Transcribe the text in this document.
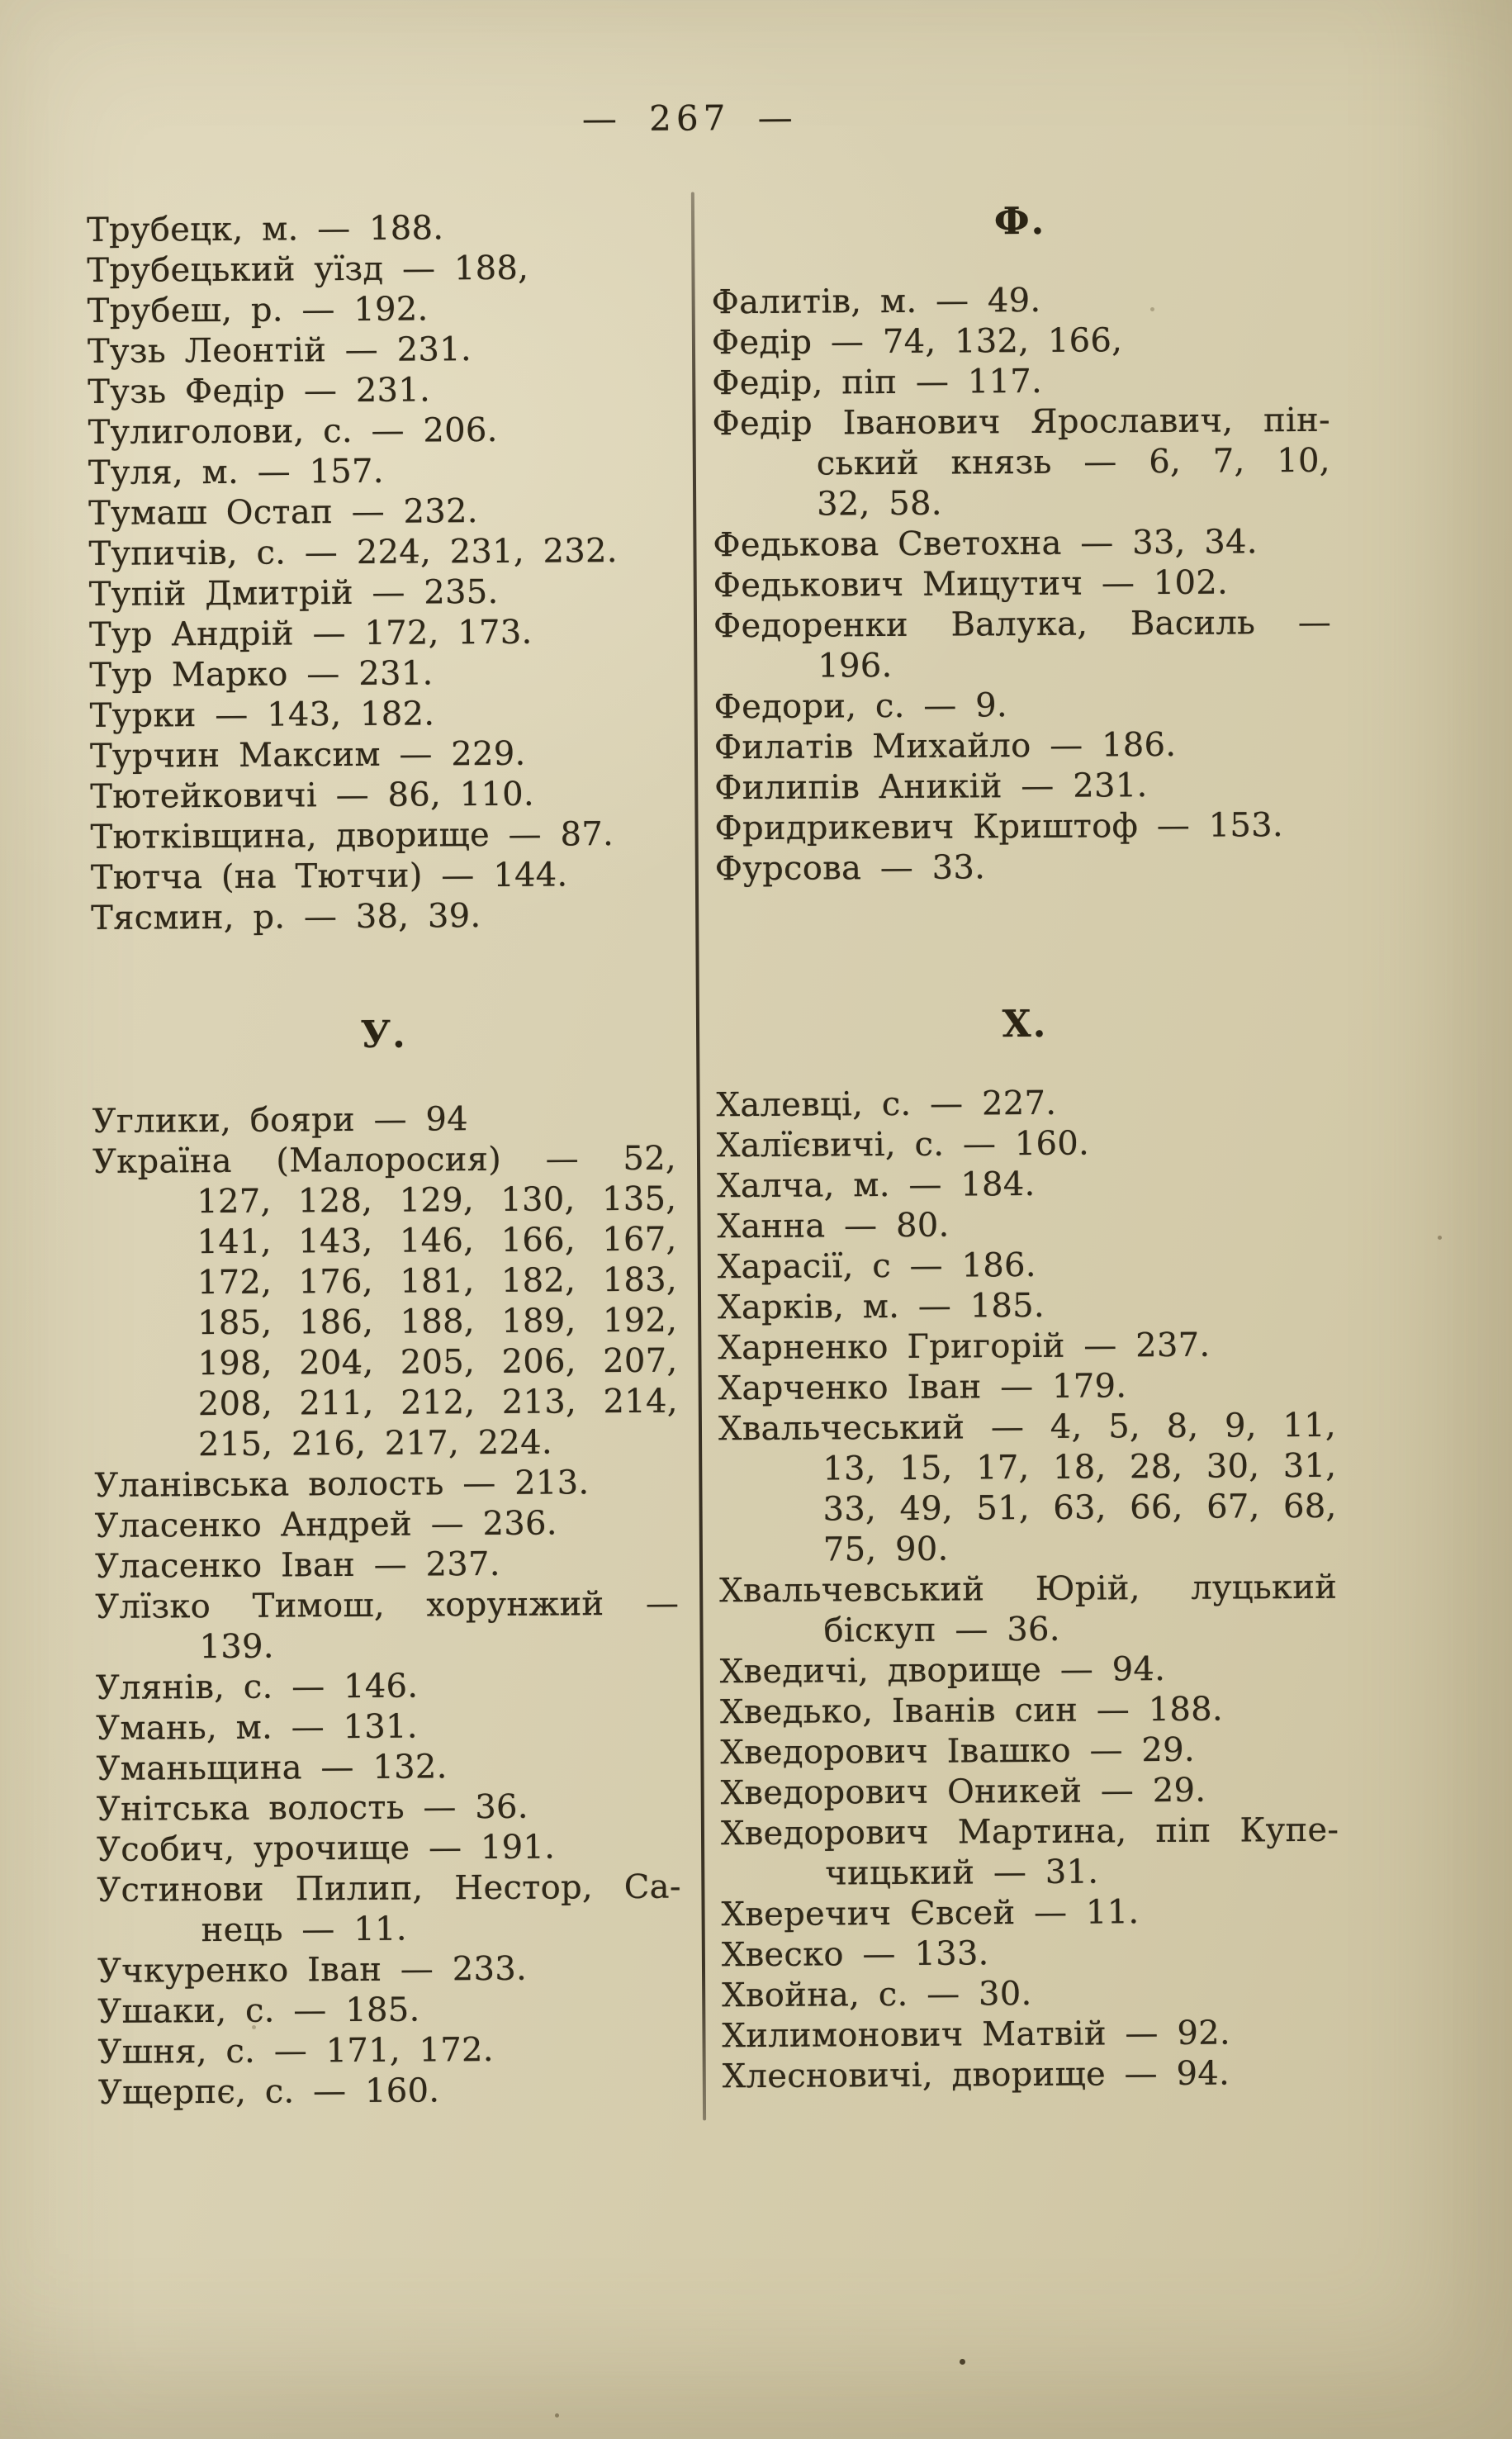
— 267 —
Трубецк, м. — 188.
Трубецький уїзд — 188,
Трубеш, р. — 192.
Тузь Леонтій — 231.
Тузь Федір — 231.
Тулиголови, с. — 206.
Туля, м. — 157.
Тумаш Остап — 232.
Тупичів, с. — 224, 231, 232.
Тупій Дмитрій — 235.
Тур Андрій — 172, 173.
Тур Марко — 231.
Турки — 143, 182.
Турчин Максим — 229.
Тютейковичі — 86, 110.
Тютківщина, дворище — 87.
Тютча (на Тютчи) — 144.
Тясмин, р. — 38, 39.
У.
Углики, бояри — 94
Україна (Малоросия) — 52, 127, 128, 129, 130, 135, 141, 143, 146, 166, 167, 172, 176, 181, 182, 183, 185, 186, 188, 189, 192, 198, 204, 205, 206, 207, 208, 211, 212, 213, 214, 215, 216, 217, 224.
Уланівська волость — 213.
Уласенко Андрей — 236.
Уласенко Іван — 237.
Улїзко Тимош, хорунжий — 139.
Улянів, с. — 146.
Умань, м. — 131.
Уманьщина — 132.
Унітська волость — 36.
Усобич, урочище — 191.
Устинови Пилип, Нестор, Санець — 11.
Учкуренко Іван — 233.
Ушаки, с. — 185.
Ушня, с. — 171, 172.
Ущерпє, с. — 160.
Ф.
Фалитів, м. — 49.
Федір — 74, 132, 166,
Федір, піп — 117.
Федір Іванович Ярославич, пінський князь — 6, 7, 10, 32, 58.
Федькова Светохна — 33, 34.
Федькович Мицутич — 102.
Федоренки Валука, Василь — 196.
Федори, с. — 9.
Филатів Михайло — 186.
Филипів Аникій — 231.
Фридрикевич Криштоф — 153.
Фурсова — 33.
Х.
Халевці, с. — 227.
Халїєвичі, с. — 160.
Халча, м. — 184.
Ханна — 80.
Харасії, с — 186.
Харків, м. — 185.
Харненко Григорій — 237.
Харченко Іван — 179.
Хвальчеський — 4, 5, 8, 9, 11, 13, 15, 17, 18, 28, 30, 31, 33, 49, 51, 63, 66, 67, 68, 75, 90.
Хвальчевський Юрій, луцький біскуп — 36.
Хведичі, дворище — 94.
Хведько, Іванів син — 188.
Хведорович Івашко — 29.
Хведорович Оникей — 29.
Хведорович Мартина, піп Купечицький — 31.
Хверечич Євсей — 11.
Хвеско — 133.
Хвойна, с. — 30.
Хилимонович Матвій — 92.
Хлесновичі, дворище — 94.
